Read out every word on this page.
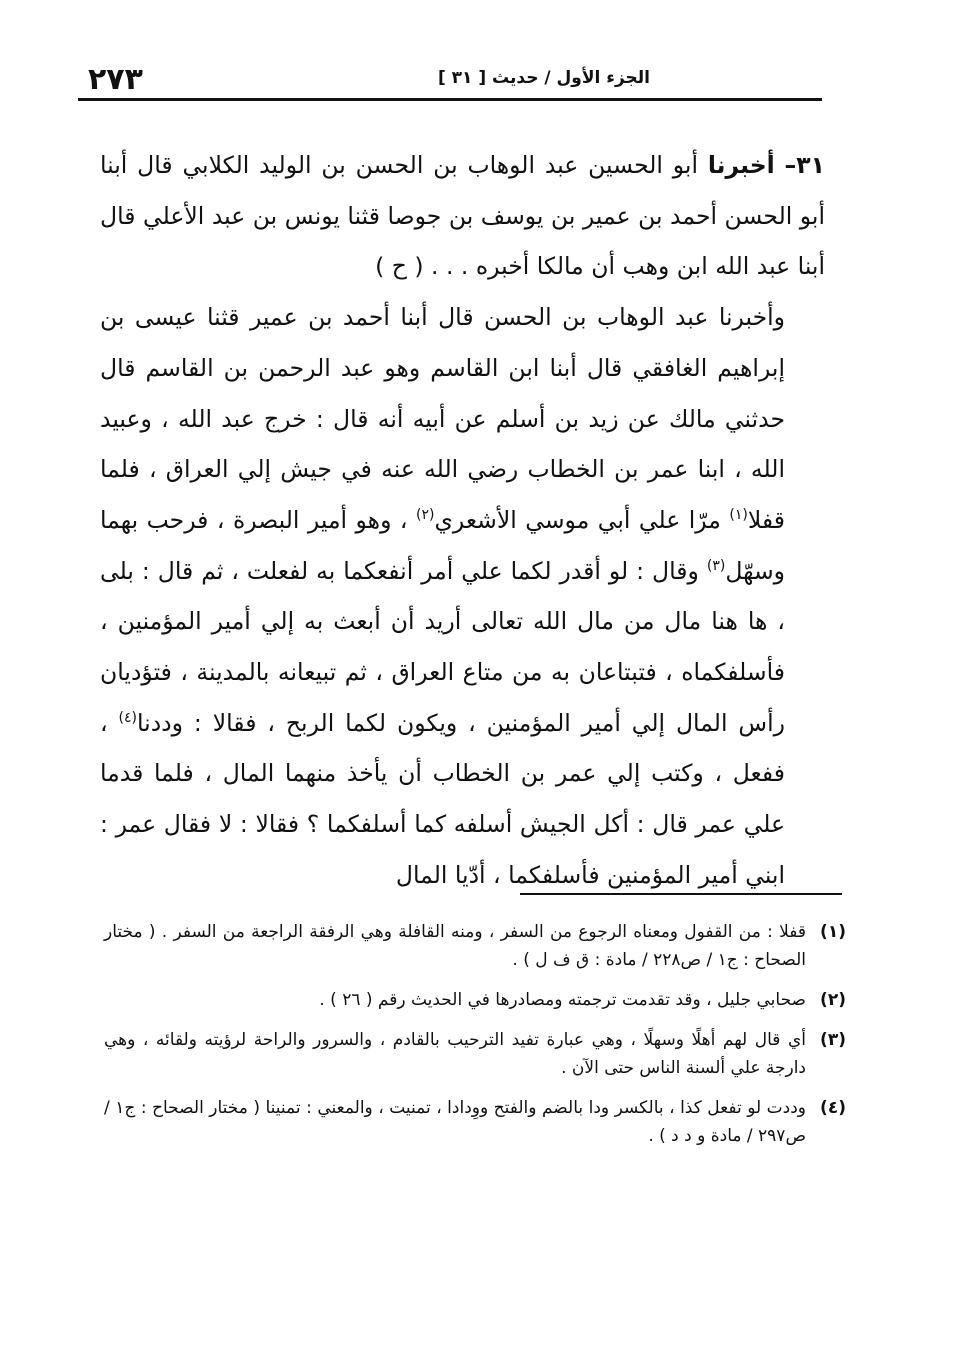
٢٧٣	الجزء الأول / حديث [ ٣١ ]

٣١– أخبرنا أبو الحسين عبد الوهاب بن الحسن بن الوليد الكلابي قال أبنا أبو الحسن أحمد بن عمير بن يوسف بن جوصا قثنا يونس بن عبد الأعلي قال أبنا عبد الله ابن وهب أن مالكا أخبره . . . ( ح )

وأخبرنا عبد الوهاب بن الحسن قال أبنا أحمد بن عمير قثنا عيسى بن إبراهيم الغافقي قال أبنا ابن القاسم وهو عبد الرحمن بن القاسم قال حدثني مالك عن زيد بن أسلم عن أبيه أنه قال : خرج عبد الله ، وعبيد الله ، ابنا عمر بن الخطاب رضي الله عنه في جيش إلي العراق ، فلما قفلا$^{(١)}$ مرّا علي أبي موسي الأشعري$^{(٢)}$ ، وهو أمير البصرة ، فرحب بهما وسهّل$^{(٣)}$ وقال : لو أقدر لكما علي أمر أنفعكما به لفعلت ، ثم قال : بلى ، ها هنا مال من مال الله تعالى أريد أن أبعث به إلي أمير المؤمنين ، فأسلفكماه ، فتبتاعان به من متاع العراق ، ثم تبيعانه بالمدينة ، فتؤديان رأس المال إلي أمير المؤمنين ، ويكون لكما الربح ، فقالا : وددنا$^{(٤)}$ ، ففعل ، وكتب إلي عمر بن الخطاب أن يأخذ منهما المال ، فلما قدما علي عمر قال : أكل الجيش أسلفه كما أسلفكما ؟ فقالا : لا فقال عمر : ابني أمير المؤمنين فأسلفكما ، أدّيا المال

(١)
قفلا : من القفول ومعناه الرجوع من السفر ، ومنه القافلة وهي الرفقة الراجعة من السفر . ( مختار الصحاح : ج١ / ص٢٢٨ / مادة : ق ف ل ) .
(٢)
صحابي جليل ، وقد تقدمت ترجمته ومصادرها في الحديث رقم ( ٢٦ ) .
(٣)
أي قال لهم أهلًا وسهلًا ، وهي عبارة تفيد الترحيب بالقادم ، والسرور والراحة لرؤيته ولقائه ، وهي دارجة علي ألسنة الناس حتى الآن .
(٤)
وددت لو تفعل كذا ، بالكسر ودا بالضم والفتح ووِدادا ، تمنيت ، والمعني : تمنينا ( مختار الصحاح : ج١ / ص٢٩٧ / مادة و د د ) .
